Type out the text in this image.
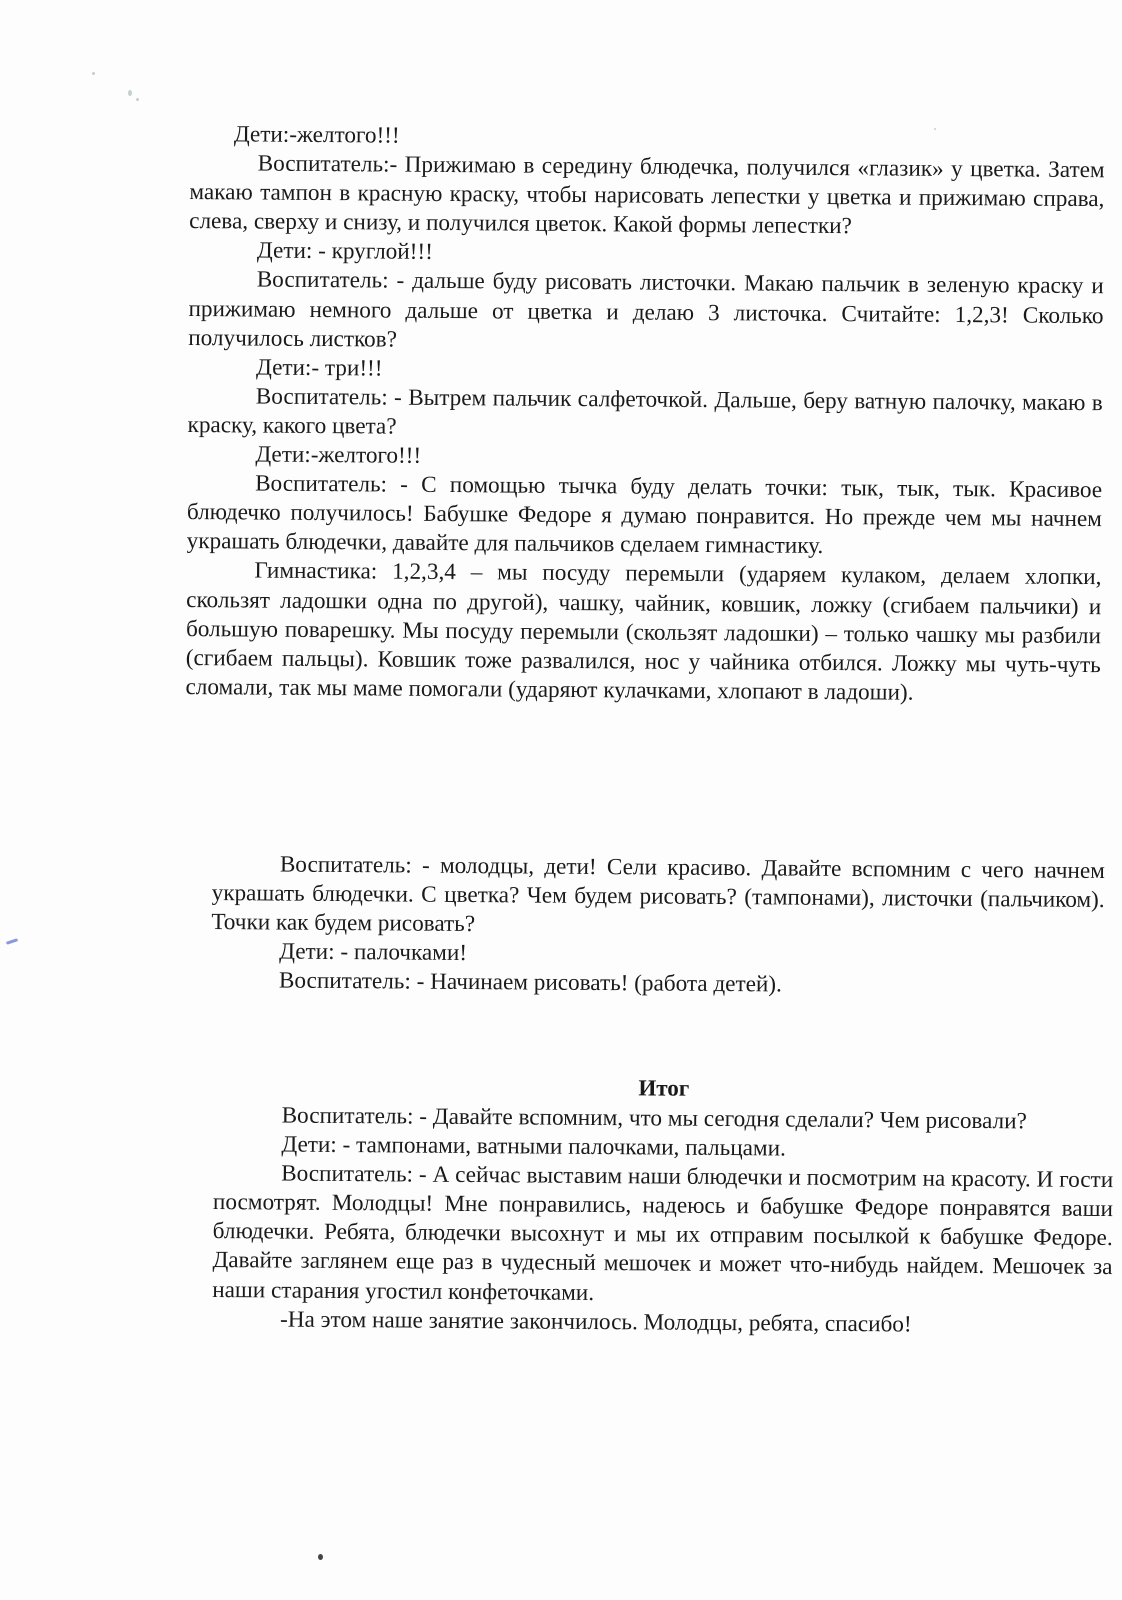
Дети:-желтого!!!

Воспитатель:- Прижимаю в середину блюдечка, получился «глазик» у цветка. Затем макаю тампон в красную краску, чтобы нарисовать лепестки у цветка и прижимаю справа, слева, сверху и снизу, и получился цветок. Какой формы лепестки?

Дети: - круглой!!!

Воспитатель: - дальше буду рисовать листочки. Макаю пальчик в зеленую краску и прижимаю немного дальше от цветка и делаю 3 листочка. Считайте: 1,2,3! Сколько получилось листков?

Дети:- три!!!

Воспитатель: - Вытрем пальчик салфеточкой. Дальше, беру ватную палочку, макаю в краску, какого цвета?

Дети:-желтого!!!

Воспитатель: - С помощью тычка буду делать точки: тык, тык, тык. Красивое блюдечко получилось! Бабушке Федоре я думаю понравится. Но прежде чем мы начнем украшать блюдечки, давайте для пальчиков сделаем гимнастику.

Гимнастика: 1,2,3,4 – мы посуду перемыли (ударяем кулаком, делаем хлопки, скользят ладошки одна по другой), чашку, чайник, ковшик, ложку (сгибаем пальчики) и большую поварешку. Мы посуду перемыли (скользят ладошки) – только чашку мы разбили (сгибаем пальцы). Ковшик тоже развалился, нос у чайника отбился. Ложку мы чуть-чуть сломали, так мы маме помогали (ударяют кулачками, хлопают в ладоши).

Воспитатель: - молодцы, дети! Сели красиво. Давайте вспомним с чего начнем украшать блюдечки. С цветка? Чем будем рисовать? (тампонами), листочки (пальчиком). Точки как будем рисовать?

Дети: - палочками!

Воспитатель: - Начинаем рисовать! (работа детей).

Итог

Воспитатель: - Давайте вспомним, что мы сегодня сделали? Чем рисовали?

Дети: - тампонами, ватными палочками, пальцами.

Воспитатель: - А сейчас выставим наши блюдечки и посмотрим на красоту. И гости посмотрят. Молодцы! Мне понравились, надеюсь и бабушке Федоре понравятся ваши блюдечки. Ребята, блюдечки высохнут и мы их отправим посылкой к бабушке Федоре. Давайте заглянем еще раз в чудесный мешочек и может что-нибудь найдем. Мешочек за наши старания угостил конфеточками.

-На этом наше занятие закончилось. Молодцы, ребята, спасибо!
